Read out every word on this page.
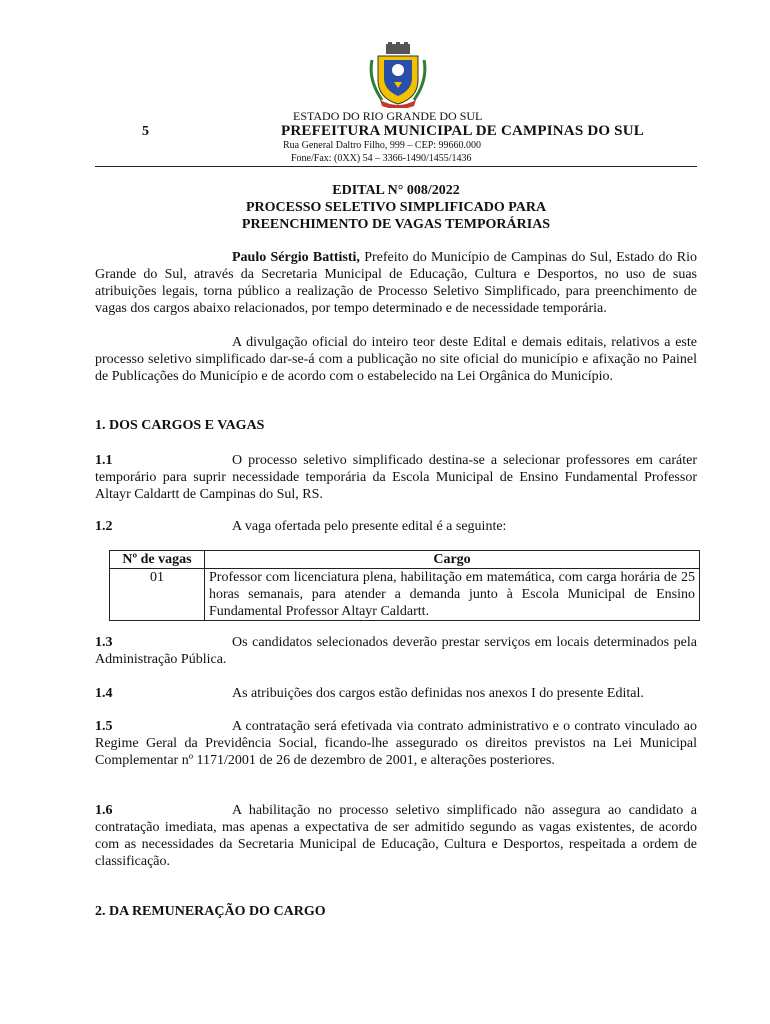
5
ESTADO DO RIO GRANDE DO SUL
PREFEITURA MUNICIPAL DE CAMPINAS DO SUL
Rua General Daltro Filho, 999 – CEP: 99660.000
Fone/Fax: (0XX) 54 – 3366-1490/1455/1436
EDITAL N° 008/2022
PROCESSO SELETIVO SIMPLIFICADO PARA
PREENCHIMENTO DE VAGAS TEMPORÁRIAS
Paulo Sérgio Battisti, Prefeito do Município de Campinas do Sul, Estado do Rio Grande do Sul, através da Secretaria Municipal de Educação, Cultura e Desportos, no uso de suas atribuições legais, torna público a realização de Processo Seletivo Simplificado, para preenchimento de vagas dos cargos abaixo relacionados, por tempo determinado e de necessidade temporária.
A divulgação oficial do inteiro teor deste Edital e demais editais, relativos a este processo seletivo simplificado dar-se-á com a publicação no site oficial do município e afixação no Painel de Publicações do Município e de acordo com o estabelecido na Lei Orgânica do Município.
1. DOS CARGOS E VAGAS
1.1	O processo seletivo simplificado destina-se a selecionar professores em caráter temporário para suprir necessidade temporária da Escola Municipal de Ensino Fundamental Professor Altayr Caldartt de Campinas do Sul, RS.
1.2	A vaga ofertada pelo presente edital é a seguinte:
Nº de vagas	Cargo
01	Professor com licenciatura plena, habilitação em matemática, com carga horária de 25 horas semanais, para atender a demanda junto à Escola Municipal de Ensino Fundamental Professor Altayr Caldartt.
1.3	Os candidatos selecionados deverão prestar serviços em locais determinados pela Administração Pública.
1.4	As atribuições dos cargos estão definidas nos anexos I do presente Edital.
1.5	A contratação será efetivada via contrato administrativo e o contrato vinculado ao Regime Geral da Previdência Social, ficando-lhe assegurado os direitos previstos na Lei Municipal Complementar nº 1171/2001 de 26 de dezembro de 2001, e alterações posteriores.
1.6	A habilitação no processo seletivo simplificado não assegura ao candidato a contratação imediata, mas apenas a expectativa de ser admitido segundo as vagas existentes, de acordo com as necessidades da Secretaria Municipal de Educação, Cultura e Desportos, respeitada a ordem de classificação.
2. DA REMUNERAÇÃO DO CARGO
